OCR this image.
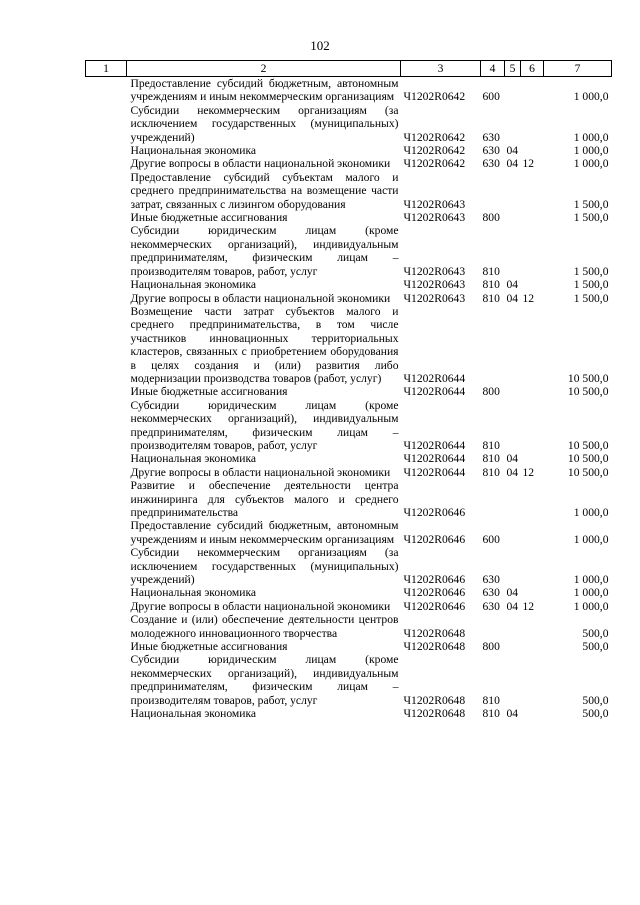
102
1	2	3	4	5	6	7
	Предоставление субсидий бюджетным, автономным учреждениям и иным некоммерческим организациям	Ч1202R0642	600			1 000,0
	Субсидии некоммерческим организациям (за исключением государственных (муниципальных) учреждений)	Ч1202R0642	630			1 000,0
	Национальная экономика	Ч1202R0642	630	04		1 000,0
	Другие вопросы в области национальной экономики	Ч1202R0642	630	04	12	1 000,0
	Предоставление субсидий субъектам малого и среднего предпринимательства на возмещение части затрат, связанных с лизингом оборудования	Ч1202R0643				1 500,0
	Иные бюджетные ассигнования	Ч1202R0643	800			1 500,0
	Субсидии юридическим лицам (кроме некоммерческих организаций), индивидуальным предпринимателям, физическим лицам – производителям товаров, работ, услуг	Ч1202R0643	810			1 500,0
	Национальная экономика	Ч1202R0643	810	04		1 500,0
	Другие вопросы в области национальной экономики	Ч1202R0643	810	04	12	1 500,0
	Возмещение части затрат субъектов малого и среднего предпринимательства, в том числе участников инновационных территориальных кластеров, связанных с приобретением оборудования в целях создания и (или) развития либо модернизации производства товаров (работ, услуг)	Ч1202R0644				10 500,0
	Иные бюджетные ассигнования	Ч1202R0644	800			10 500,0
	Субсидии юридическим лицам (кроме некоммерческих организаций), индивидуальным предпринимателям, физическим лицам – производителям товаров, работ, услуг	Ч1202R0644	810			10 500,0
	Национальная экономика	Ч1202R0644	810	04		10 500,0
	Другие вопросы в области национальной экономики	Ч1202R0644	810	04	12	10 500,0
	Развитие и обеспечение деятельности центра инжиниринга для субъектов малого и среднего предпринимательства	Ч1202R0646				1 000,0
	Предоставление субсидий бюджетным, автономным учреждениям и иным некоммерческим организациям	Ч1202R0646	600			1 000,0
	Субсидии некоммерческим организациям (за исключением государственных (муниципальных) учреждений)	Ч1202R0646	630			1 000,0
	Национальная экономика	Ч1202R0646	630	04		1 000,0
	Другие вопросы в области национальной экономики	Ч1202R0646	630	04	12	1 000,0
	Создание и (или) обеспечение деятельности центров молодежного инновационного творчества	Ч1202R0648				500,0
	Иные бюджетные ассигнования	Ч1202R0648	800			500,0
	Субсидии юридическим лицам (кроме некоммерческих организаций), индивидуальным предпринимателям, физическим лицам – производителям товаров, работ, услуг	Ч1202R0648	810			500,0
	Национальная экономика	Ч1202R0648	810	04		500,0
